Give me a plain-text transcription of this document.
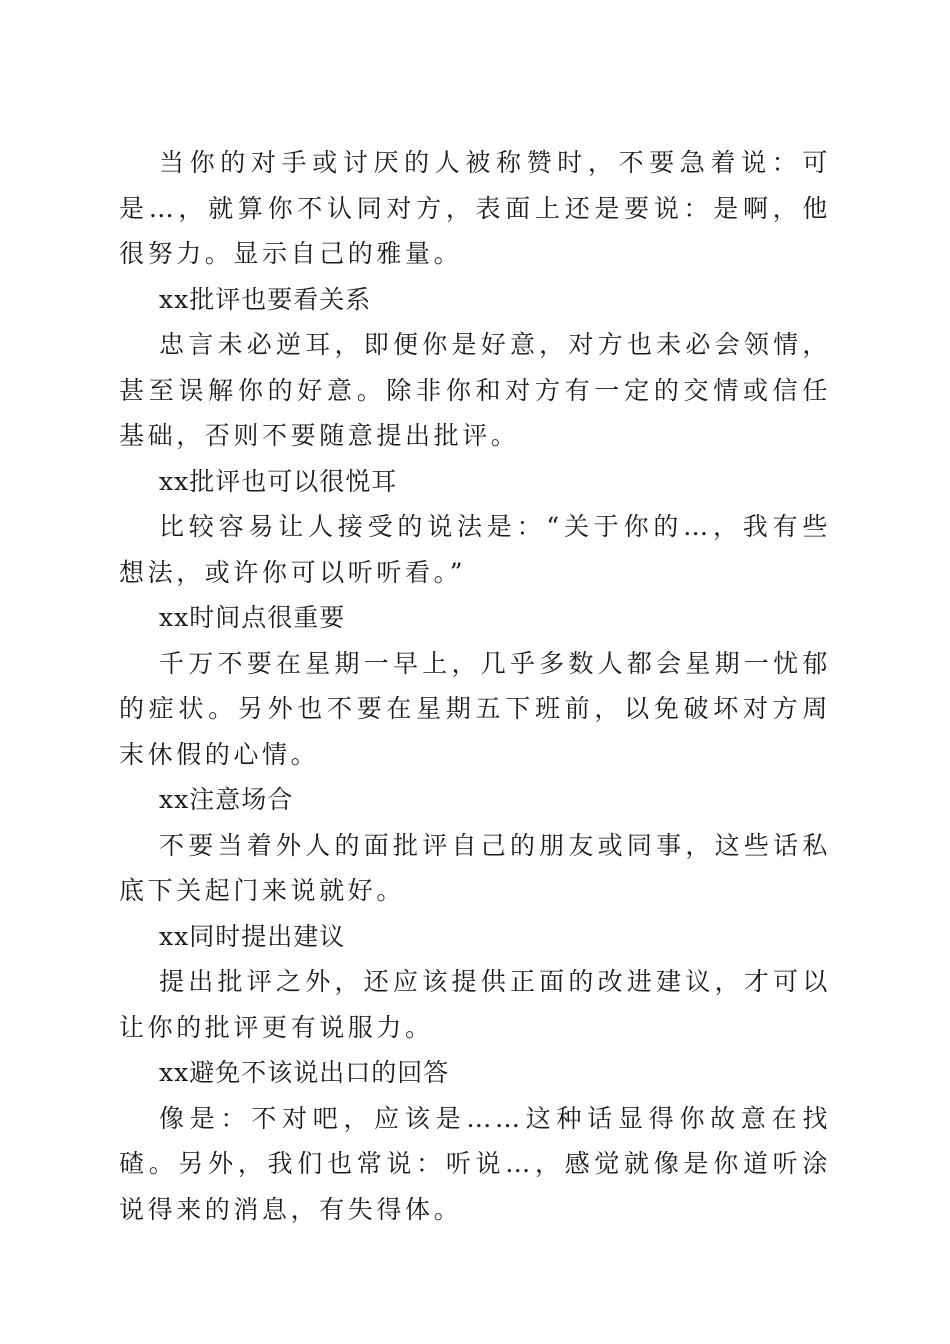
当你的对手或讨厌的人被称赞时，不要急着说：可是…，就算你不认同对方，表面上还是要说：是啊，他很努力。显示自己的雅量。

xx批评也要看关系

忠言未必逆耳，即便你是好意，对方也未必会领情，甚至误解你的好意。除非你和对方有一定的交情或信任基础，否则不要随意提出批评。

xx批评也可以很悦耳

比较容易让人接受的说法是：“关于你的…，我有些想法，或许你可以听听看。”

xx时间点很重要

千万不要在星期一早上，几乎多数人都会星期一忧郁的症状。另外也不要在星期五下班前，以免破坏对方周末休假的心情。

xx注意场合

不要当着外人的面批评自己的朋友或同事，这些话私底下关起门来说就好。

xx同时提出建议

提出批评之外，还应该提供正面的改进建议，才可以让你的批评更有说服力。

xx避免不该说出口的回答

像是：不对吧，应该是……这种话显得你故意在找碴。另外，我们也常说：听说…，感觉就像是你道听涂说得来的消息，有失得体。
